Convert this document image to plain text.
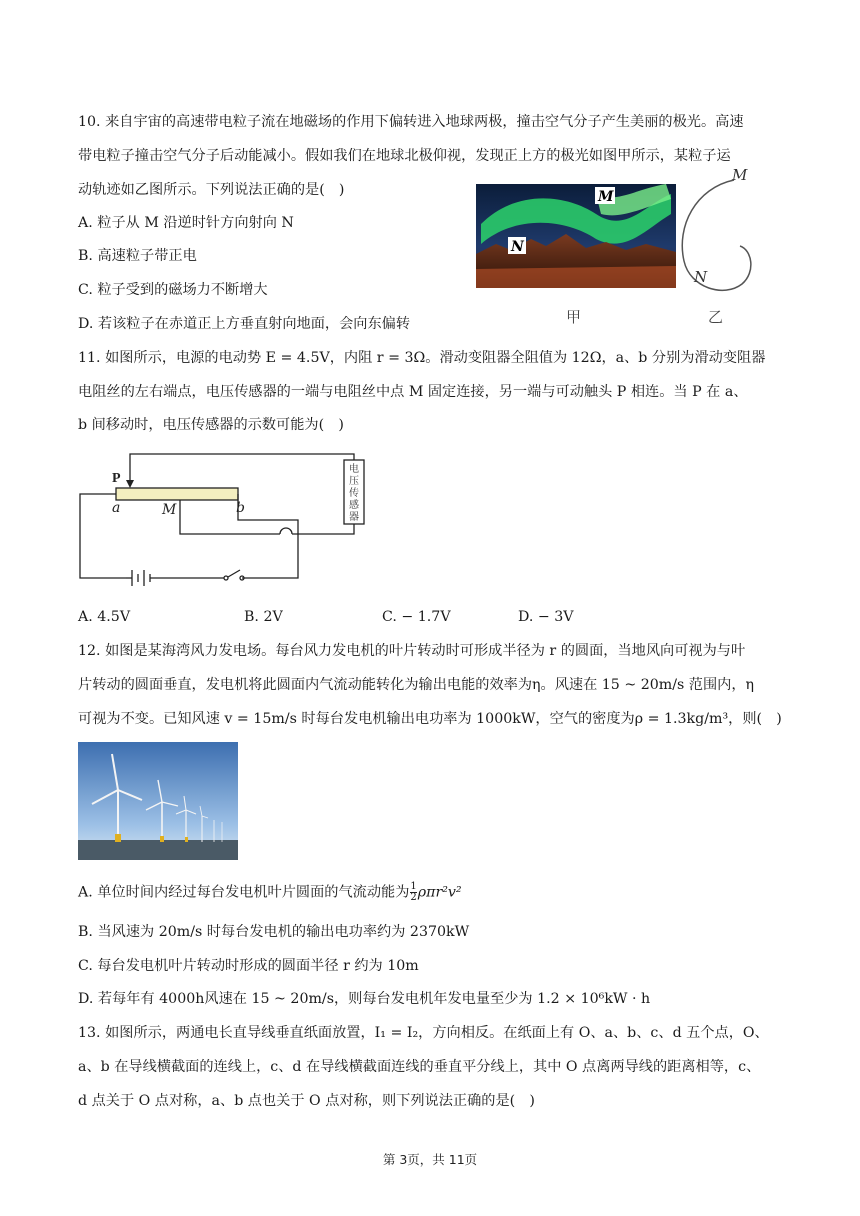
10. 来自宇宙的高速带电粒子流在地磁场的作用下偏转进入地球两极，撞击空气分子产生美丽的极光。高速
带电粒子撞击空气分子后动能减小。假如我们在地球北极仰视，发现正上方的极光如图甲所示，某粒子运
动轨迹如乙图所示。下列说法正确的是(　)
A. 粒子从 M 沿逆时针方向射向 N
B. 高速粒子带正电
C. 粒子受到的磁场力不断增大
D. 若该粒子在赤道正上方垂直射向地面，会向东偏转
M
N
甲
M
N
乙
11. 如图所示，电源的电动势 E = 4.5V，内阻 r = 3Ω。滑动变阻器全阻值为 12Ω，a、b 分别为滑动变阻器
电阻丝的左右端点，电压传感器的一端与电阻丝中点 M 固定连接，另一端与可动触头 P 相连。当 P 在 a、
b 间移动时，电压传感器的示数可能为(　)
P
a	M	b
电
压
传
感
器
A. 4.5V	B. 2V	C. − 1.7V	D. − 3V
12. 如图是某海湾风力发电场。每台风力发电机的叶片转动时可形成半径为 r 的圆面，当地风向可视为与叶
片转动的圆面垂直，发电机将此圆面内气流动能转化为输出电能的效率为η。风速在 15 ~ 20m/s 范围内，η
可视为不变。已知风速 v = 15m/s 时每台发电机输出电功率为 1000kW，空气的密度为ρ = 1.3kg/m³，则(　)
A. 单位时间内经过每台发电机叶片圆面的气流动能为 $\frac{1}{2} \rho\pi r^2v^2$
B. 当风速为 20m/s 时每台发电机的输出电功率约为 2370kW
C. 每台发电机叶片转动时形成的圆面半径 r 约为 10m
D. 若每年有 4000h风速在 15 ~ 20m/s，则每台发电机年发电量至少为 1.2 × 10⁶kW · h
13. 如图所示，两通电长直导线垂直纸面放置，I₁ = I₂，方向相反。在纸面上有 O、a、b、c、d 五个点，O、
a、b 在导线横截面的连线上，c、d 在导线横截面连线的垂直平分线上，其中 O 点离两导线的距离相等，c、
d 点关于 O 点对称，a、b 点也关于 O 点对称，则下列说法正确的是(　)
第 3页，共 11页
